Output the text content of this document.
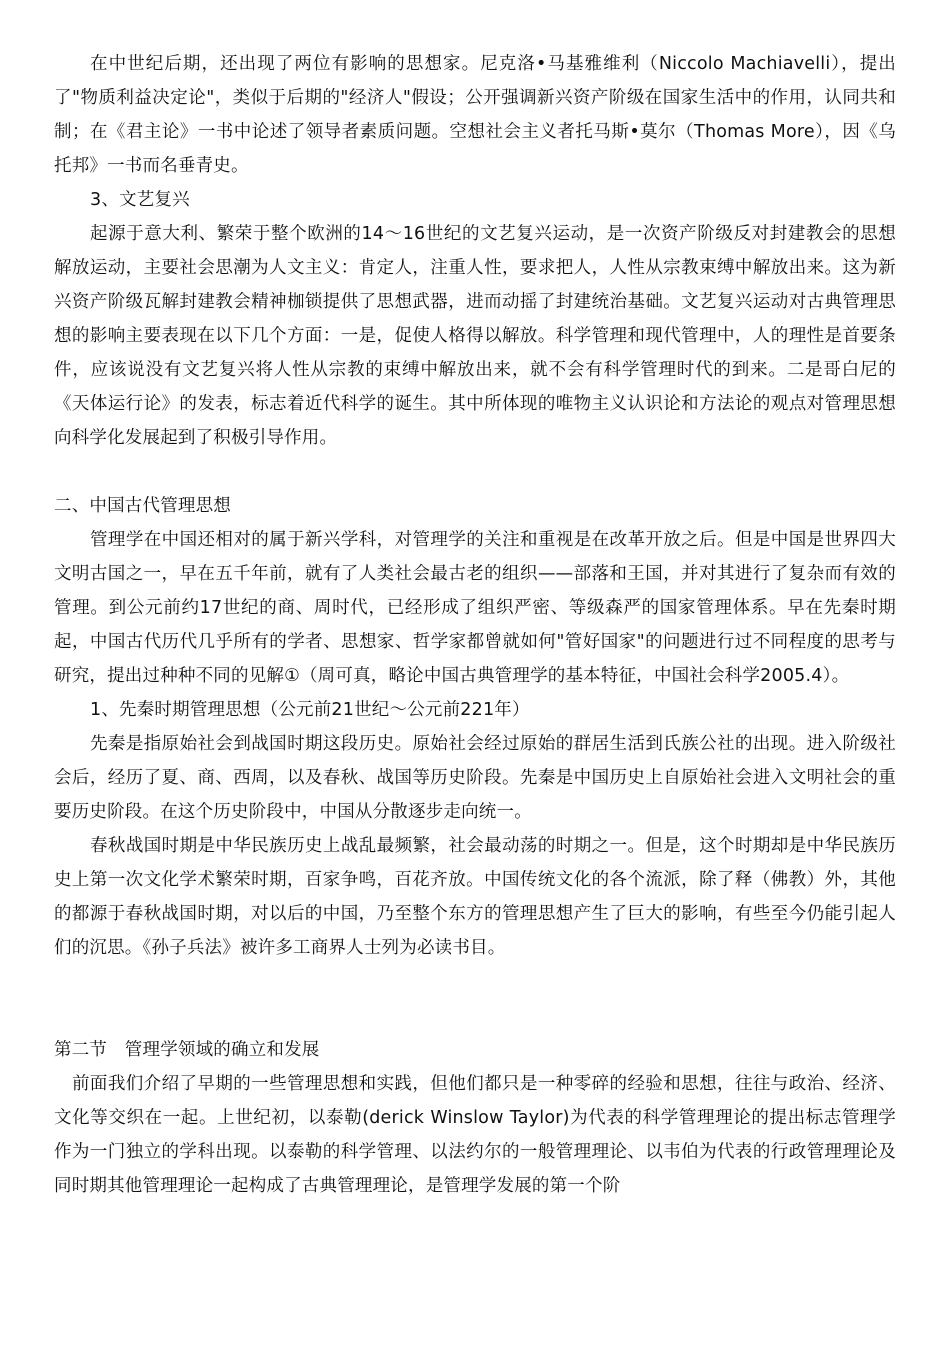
在中世纪后期，还出现了两位有影响的思想家。尼克洛•马基雅维利（Niccolo Machiavelli），提出了"物质利益决定论"，类似于后期的"经济人"假设；公开强调新兴资产阶级在国家生活中的作用，认同共和制；在《君主论》一书中论述了领导者素质问题。空想社会主义者托马斯•莫尔（Thomas More），因《乌托邦》一书而名垂青史。

3、文艺复兴

起源于意大利、繁荣于整个欧洲的14～16世纪的文艺复兴运动，是一次资产阶级反对封建教会的思想解放运动，主要社会思潮为人文主义：肯定人，注重人性，要求把人，人性从宗教束缚中解放出来。这为新兴资产阶级瓦解封建教会精神枷锁提供了思想武器，进而动摇了封建统治基础。文艺复兴运动对古典管理思想的影响主要表现在以下几个方面：一是，促使人格得以解放。科学管理和现代管理中，人的理性是首要条件，应该说没有文艺复兴将人性从宗教的束缚中解放出来，就不会有科学管理时代的到来。二是哥白尼的《天体运行论》的发表，标志着近代科学的诞生。其中所体现的唯物主义认识论和方法论的观点对管理思想向科学化发展起到了积极引导作用。

二、中国古代管理思想

管理学在中国还相对的属于新兴学科，对管理学的关注和重视是在改革开放之后。但是中国是世界四大文明古国之一，早在五千年前，就有了人类社会最古老的组织——部落和王国，并对其进行了复杂而有效的管理。到公元前约17世纪的商、周时代，已经形成了组织严密、等级森严的国家管理体系。早在先秦时期起，中国古代历代几乎所有的学者、思想家、哲学家都曾就如何"管好国家"的问题进行过不同程度的思考与研究，提出过种种不同的见解①（周可真，略论中国古典管理学的基本特征，中国社会科学2005.4）。

1、先秦时期管理思想（公元前21世纪～公元前221年）

先秦是指原始社会到战国时期这段历史。原始社会经过原始的群居生活到氏族公社的出现。进入阶级社会后，经历了夏、商、西周，以及春秋、战国等历史阶段。先秦是中国历史上自原始社会进入文明社会的重要历史阶段。在这个历史阶段中，中国从分散逐步走向统一。

春秋战国时期是中华民族历史上战乱最频繁，社会最动荡的时期之一。但是，这个时期却是中华民族历史上第一次文化学术繁荣时期，百家争鸣，百花齐放。中国传统文化的各个流派，除了释（佛教）外，其他的都源于春秋战国时期，对以后的中国，乃至整个东方的管理思想产生了巨大的影响，有些至今仍能引起人们的沉思。《孙子兵法》被许多工商界人士列为必读书目。

第二节　管理学领域的确立和发展

前面我们介绍了早期的一些管理思想和实践，但他们都只是一种零碎的经验和思想，往往与政治、经济、文化等交织在一起。上世纪初，以泰勒(derick Winslow Taylor)为代表的科学管理理论的提出标志管理学作为一门独立的学科出现。以泰勒的科学管理、以法约尔的一般管理理论、以韦伯为代表的行政管理理论及同时期其他管理理论一起构成了古典管理理论，是管理学发展的第一个阶
